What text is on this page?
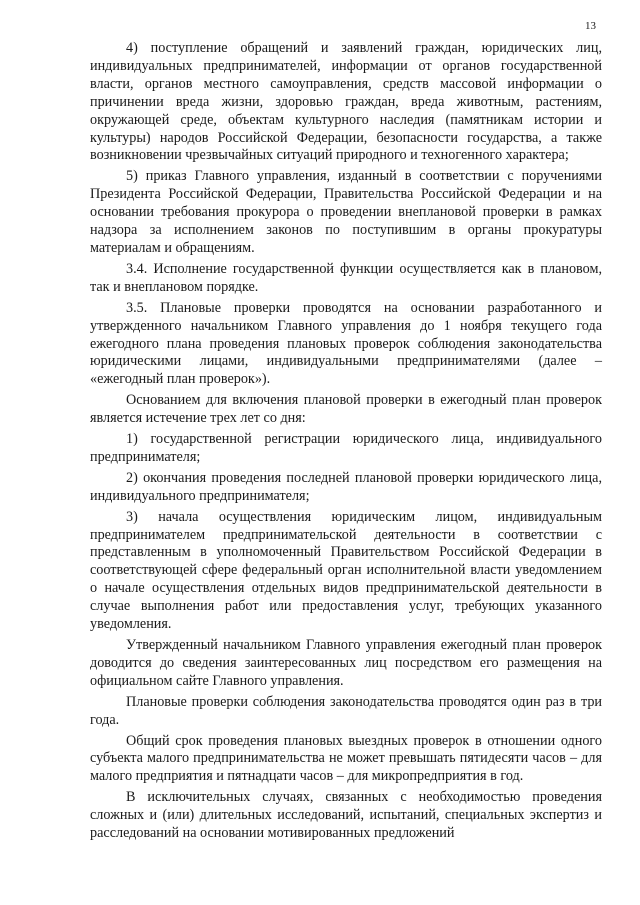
13

4) поступление обращений и заявлений граждан, юридических лиц, индивидуальных предпринимателей, информации от органов государственной власти, органов местного самоуправления, средств массовой информации о причинении вреда жизни, здоровью граждан, вреда животным, растениям, окружающей среде, объектам культурного наследия (памятникам истории и культуры) народов Российской Федерации, безопасности государства, а также возникновении чрезвычайных ситуаций природного и техногенного характера;

5) приказ Главного управления, изданный в соответствии с поручениями Президента Российской Федерации, Правительства Российской Федерации и на основании требования прокурора о проведении внеплановой проверки в рамках надзора за исполнением законов по поступившим в органы прокуратуры материалам и обращениям.

3.4. Исполнение государственной функции осуществляется как в плановом, так и внеплановом порядке.

3.5. Плановые проверки проводятся на основании разработанного и утвержденного начальником Главного управления до 1 ноября текущего года ежегодного плана проведения плановых проверок соблюдения законодательства юридическими лицами, индивидуальными предпринимателями (далее – «ежегодный план проверок»).

Основанием для включения плановой проверки в ежегодный план проверок является истечение трех лет со дня:

1) государственной регистрации юридического лица, индивидуального предпринимателя;

2) окончания проведения последней плановой проверки юридического лица, индивидуального предпринимателя;

3) начала осуществления юридическим лицом, индивидуальным предпринимателем предпринимательской деятельности в соответствии с представленным в уполномоченный Правительством Российской Федерации в соответствующей сфере федеральный орган исполнительной власти уведомлением о начале осуществления отдельных видов предпринимательской деятельности в случае выполнения работ или предоставления услуг, требующих указанного уведомления.

Утвержденный начальником Главного управления ежегодный план проверок доводится до сведения заинтересованных лиц посредством его размещения на официальном сайте Главного управления.

Плановые проверки соблюдения законодательства проводятся один раз в три года.

Общий срок проведения плановых выездных проверок в отношении одного субъекта малого предпринимательства не может превышать пятидесяти часов – для малого предприятия и пятнадцати часов – для микропредприятия в год.

В исключительных случаях, связанных с необходимостью проведения сложных и (или) длительных исследований, испытаний, специальных экспертиз и расследований на основании мотивированных предложений
